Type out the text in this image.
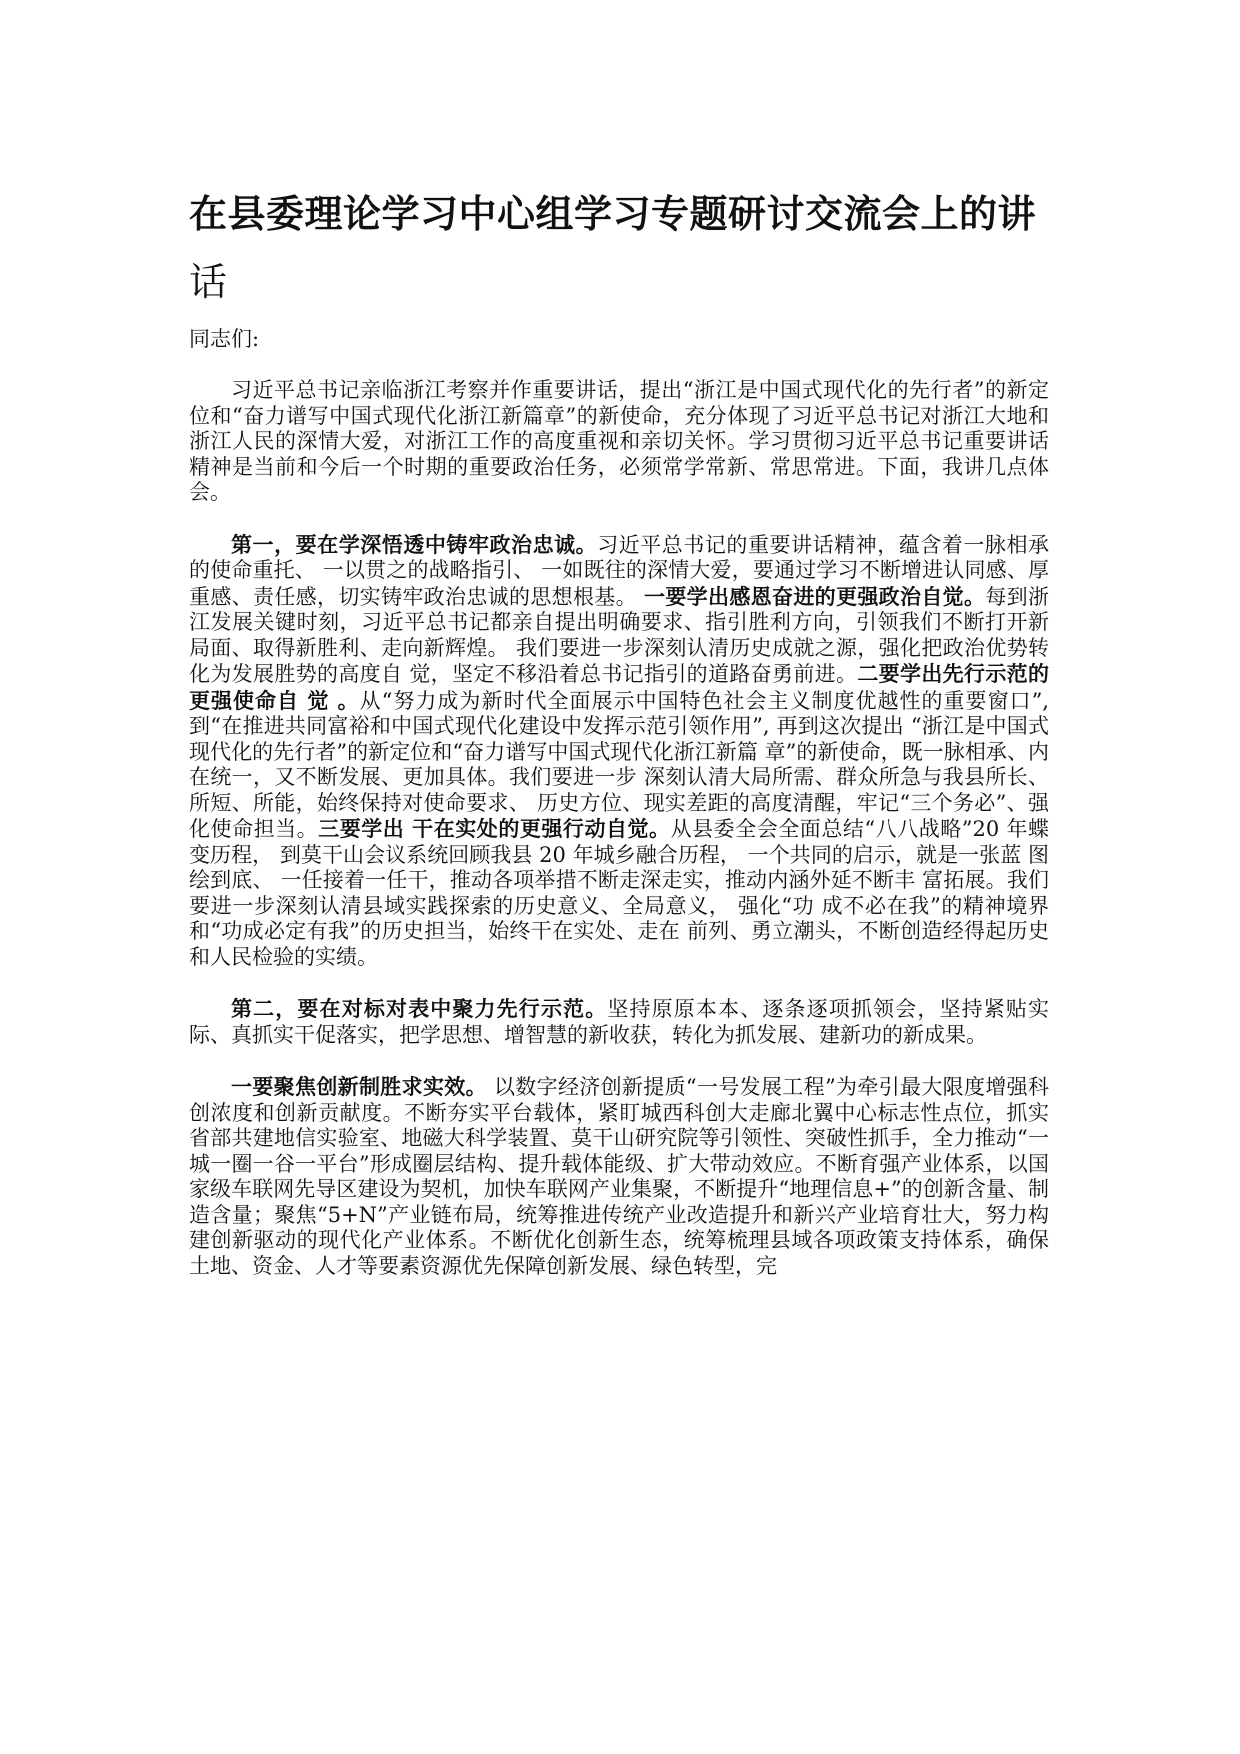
在县委理论学习中心组学习专题研讨交流会上的讲
话

同志们:

习近平总书记亲临浙江考察并作重要讲话，提出“浙江是中国式现代化的先行者”的新定位和“奋力谱写中国式现代化浙江新篇章”的新使命，充分体现了习近平总书记对浙江大地和浙江人民的深情大爱，对浙江工作的高度重视和亲切关怀。学习贯彻习近平总书记重要讲话精神是当前和今后一个时期的重要政治任务，必须常学常新、常思常进。下面，我讲几点体会。

第一，要在学深悟透中铸牢政治忠诚。习近平总书记的重要讲话精神，蕴含着一脉相承的使命重托、 一以贯之的战略指引、 一如既往的深情大爱，要通过学习不断增进认同感、厚重感、责任感，切实铸牢政治忠诚的思想根基。 一要学出感恩奋进的更强政治自觉。每到浙江发展关键时刻，习近平总书记都亲自提出明确要求、指引胜利方向，引领我们不断打开新局面、取得新胜利、走向新辉煌。 我们要进一步深刻认清历史成就之源，强化把政治优势转化为发展胜势的高度自 觉，坚定不移沿着总书记指引的道路奋勇前进。二要学出先行示范的更强使命自 觉 。从“努力成为新时代全面展示中国特色社会主义制度优越性的重要窗口”, 到“在推进共同富裕和中国式现代化建设中发挥示范引领作用”, 再到这次提出 “浙江是中国式现代化的先行者”的新定位和“奋力谱写中国式现代化浙江新篇 章”的新使命，既一脉相承、内在统一，又不断发展、更加具体。我们要进一步 深刻认清大局所需、群众所急与我县所长、所短、所能，始终保持对使命要求、 历史方位、现实差距的高度清醒，牢记“三个务必”、强化使命担当。三要学出 干在实处的更强行动自觉。从县委全会全面总结“八八战略”20 年蝶变历程， 到莫干山会议系统回顾我县 20 年城乡融合历程， 一个共同的启示，就是一张蓝 图绘到底、 一任接着一任干，推动各项举措不断走深走实，推动内涵外延不断丰 富拓展。我们要进一步深刻认清县域实践探索的历史意义、全局意义， 强化“功 成不必在我”的精神境界和“功成必定有我”的历史担当，始终干在实处、走在 前列、勇立潮头，不断创造经得起历史和人民检验的实绩。

第二，要在对标对表中聚力先行示范。坚持原原本本、逐条逐项抓领会，坚持紧贴实际、真抓实干促落实，把学思想、增智慧的新收获，转化为抓发展、建新功的新成果。

一要聚焦创新制胜求实效。 以数字经济创新提质“一号发展工程”为牵引最大限度增强科创浓度和创新贡献度。不断夯实平台载体，紧盯城西科创大走廊北翼中心标志性点位，抓实省部共建地信实验室、地磁大科学装置、莫干山研究院等引领性、突破性抓手，全力推动“一城一圈一谷一平台”形成圈层结构、提升载体能级、扩大带动效应。不断育强产业体系，以国家级车联网先导区建设为契机，加快车联网产业集聚，不断提升“地理信息+”的创新含量、制造含量；聚焦“5+N”产业链布局，统筹推进传统产业改造提升和新兴产业培育壮大，努力构建创新驱动的现代化产业体系。不断优化创新生态，统筹梳理县域各项政策支持体系，确保土地、资金、人才等要素资源优先保障创新发展、绿色转型，完
